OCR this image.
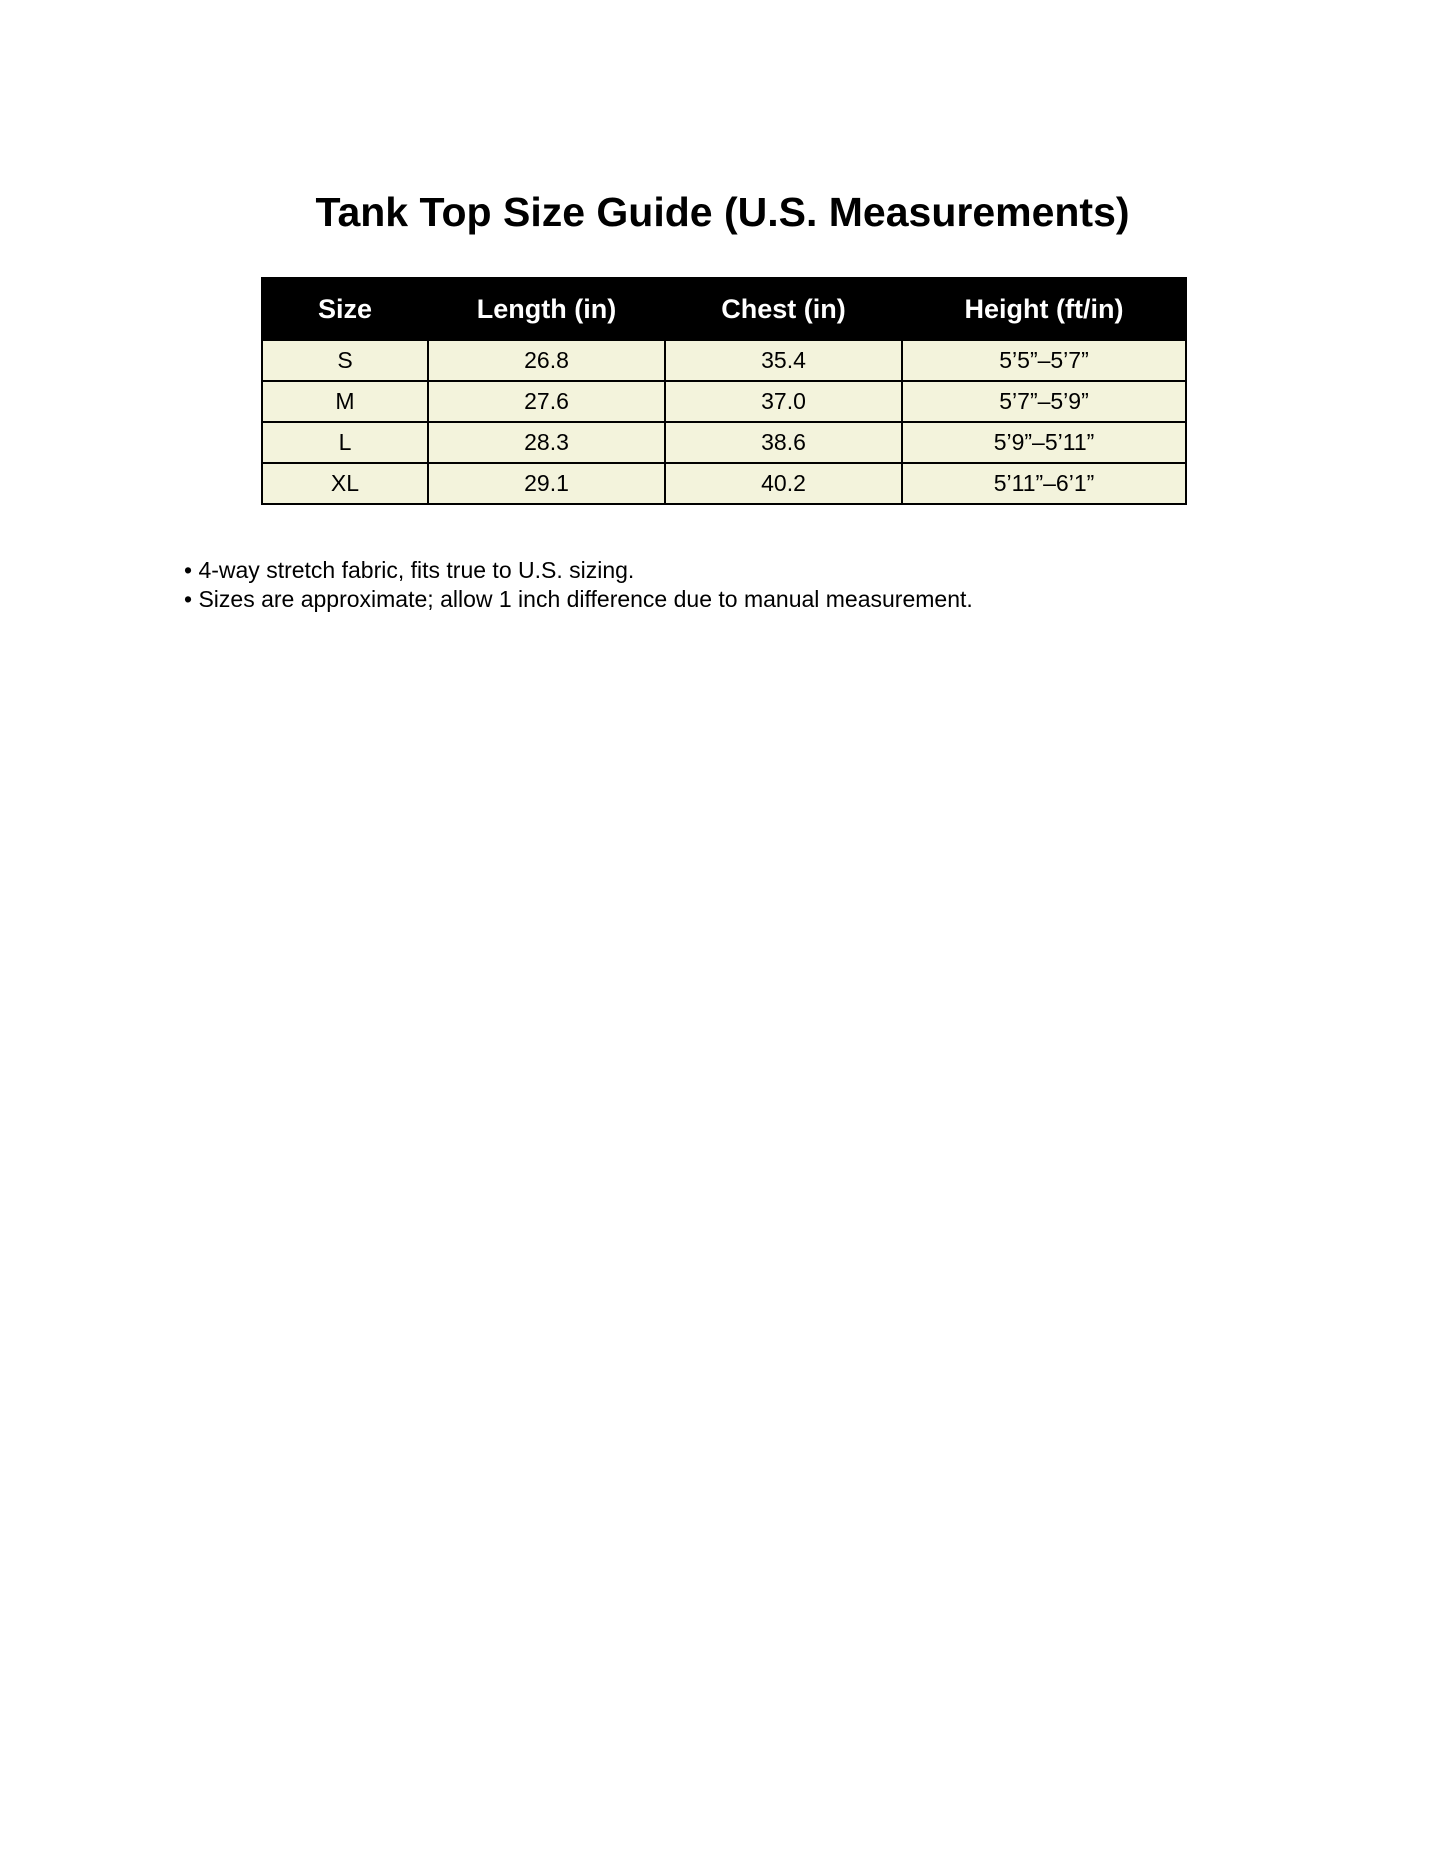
Tank Top Size Guide (U.S. Measurements)
Size	Length (in)	Chest (in)	Height (ft/in)
S	26.8	35.4	5’5”–5’7”
M	27.6	37.0	5’7”–5’9”
L	28.3	38.6	5’9”–5’11”
XL	29.1	40.2	5’11”–6’1”
• 4-way stretch fabric, fits true to U.S. sizing.
• Sizes are approximate; allow 1 inch difference due to manual measurement.
